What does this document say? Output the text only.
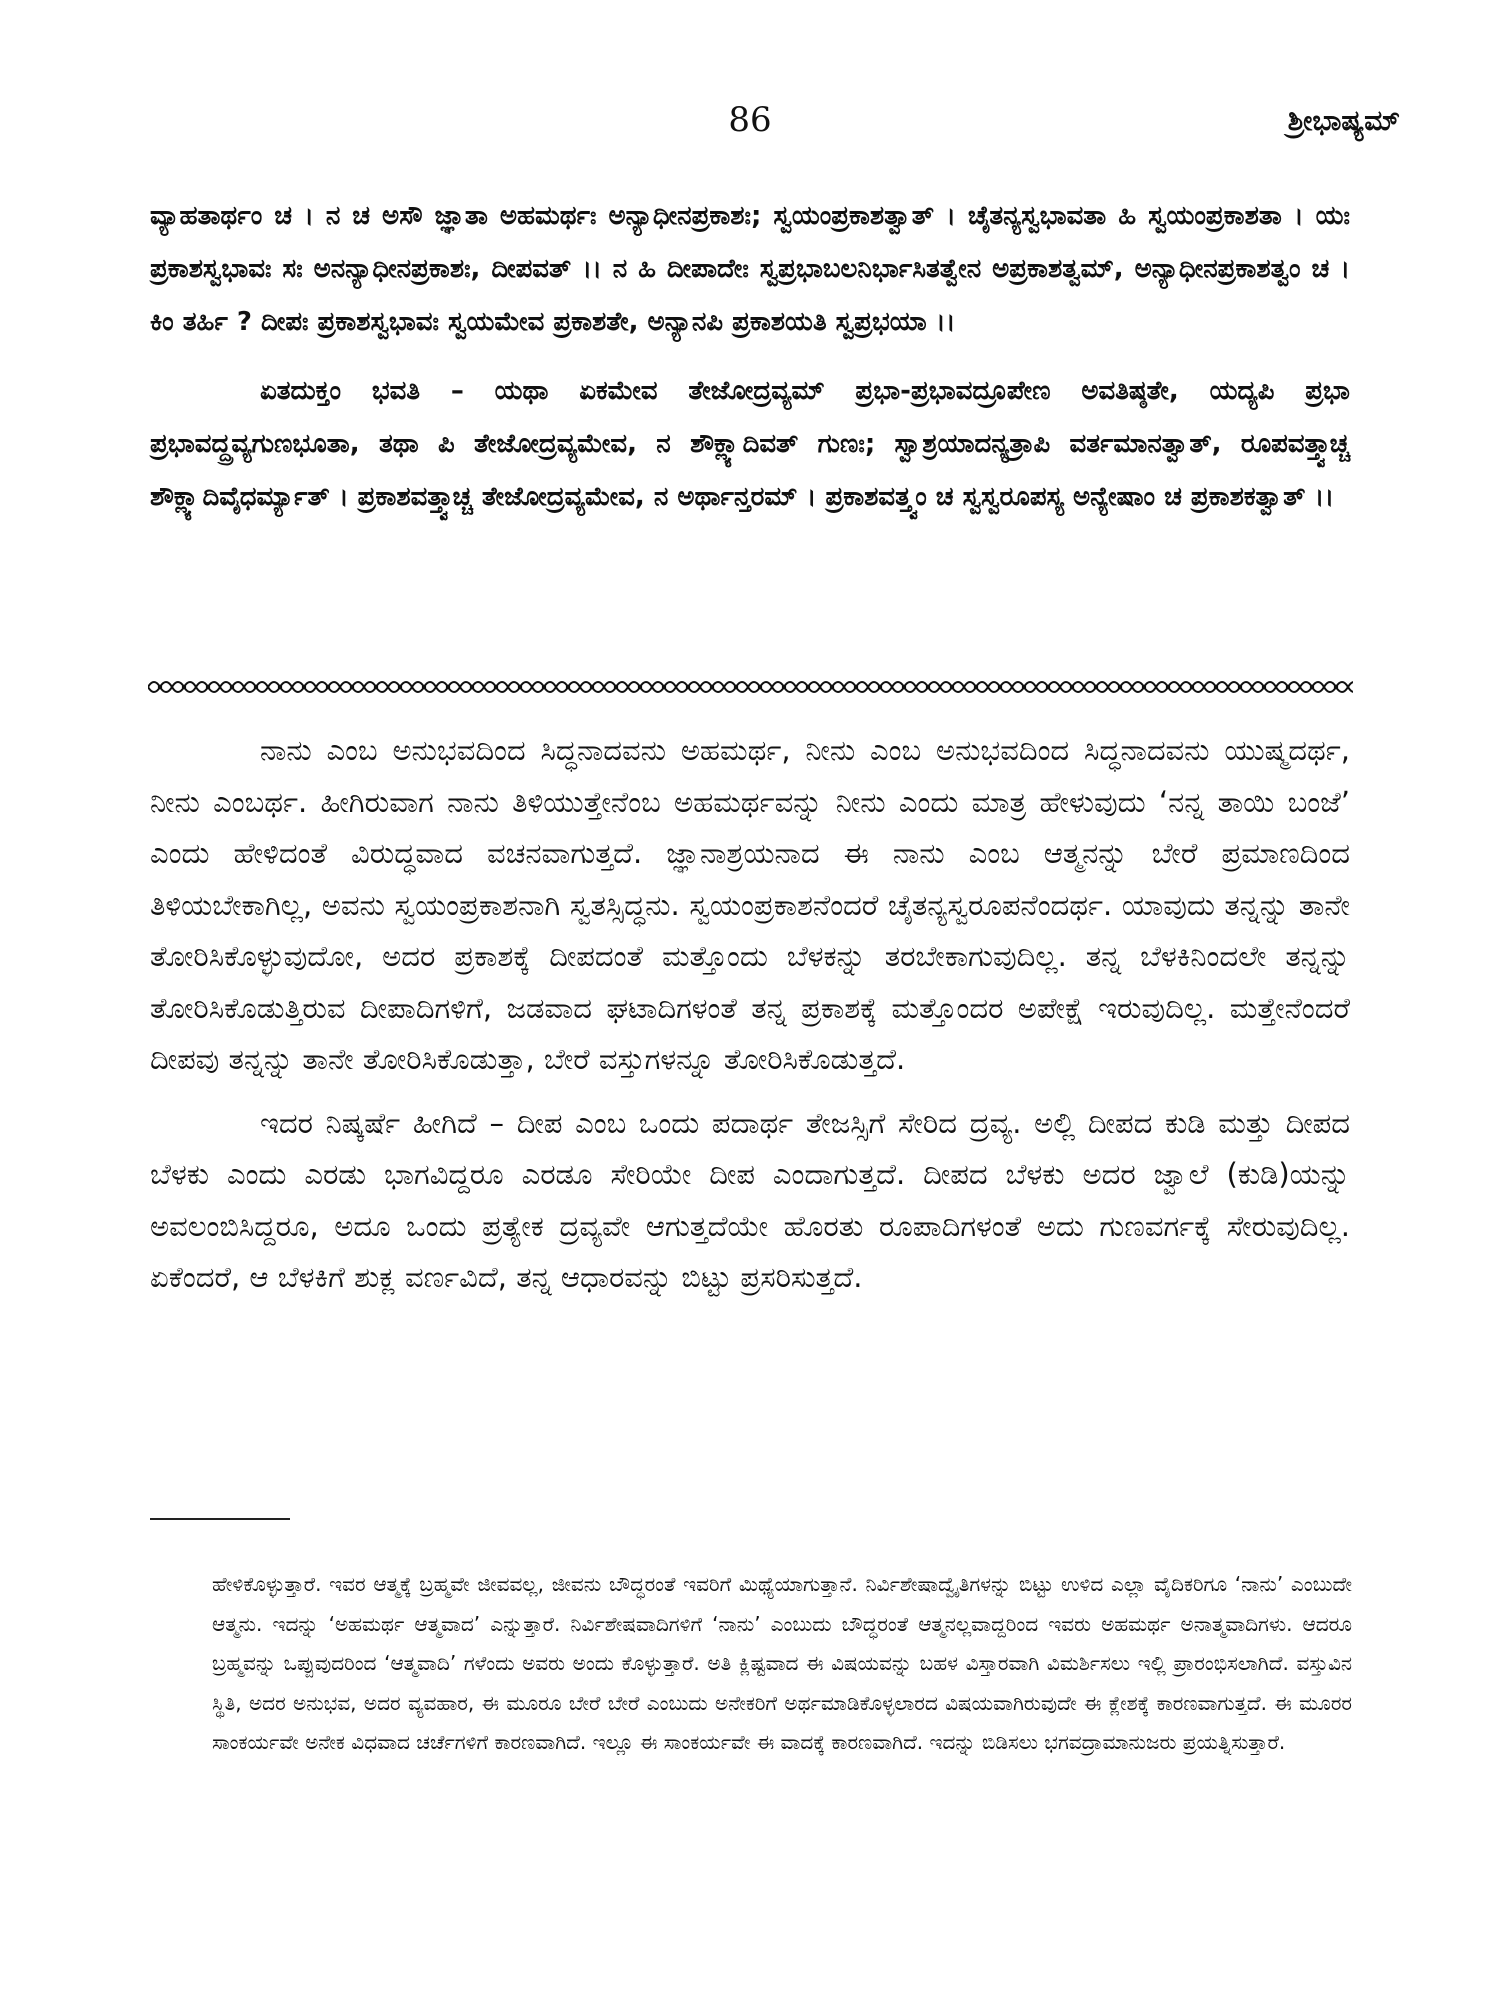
86	ಶ್ರೀಭಾಷ್ಯಮ್

ವ್ಯಾಹತಾರ್ಥಂ ಚ । ನ ಚ ಅಸೌ ಜ್ಞಾತಾ ಅಹಮರ್ಥಃ ಅನ್ಯಾಧೀನಪ್ರಕಾಶಃ; ಸ್ವಯಂಪ್ರಕಾಶತ್ವಾತ್ । ಚೈತನ್ಯಸ್ವಭಾವತಾ ಹಿ ಸ್ವಯಂಪ್ರಕಾಶತಾ । ಯಃ ಪ್ರಕಾಶಸ್ವಭಾವಃ ಸಃ ಅನನ್ಯಾಧೀನಪ್ರಕಾಶಃ, ದೀಪವತ್ ।। ನ ಹಿ ದೀಪಾದೇಃ ಸ್ವಪ್ರಭಾಬಲನಿರ್ಭಾಸಿತತ್ವೇನ ಅಪ್ರಕಾಶತ್ವಮ್, ಅನ್ಯಾಧೀನಪ್ರಕಾಶತ್ವಂ ಚ । ಕಿಂ ತರ್ಹಿ ? ದೀಪಃ ಪ್ರಕಾಶಸ್ವಭಾವಃ ಸ್ವಯಮೇವ ಪ್ರಕಾಶತೇ, ಅನ್ಯಾನಪಿ ಪ್ರಕಾಶಯತಿ ಸ್ವಪ್ರಭಯಾ ।।

ಏತದುಕ್ತಂ ಭವತಿ – ಯಥಾ ಏಕಮೇವ ತೇಜೋದ್ರವ್ಯಮ್ ಪ್ರಭಾ-ಪ್ರಭಾವದ್ರೂಪೇಣ ಅವತಿಷ್ಠತೇ, ಯದ್ಯಪಿ ಪ್ರಭಾ ಪ್ರಭಾವದ್ದ್ರವ್ಯಗುಣಭೂತಾ, ತಥಾ ಪಿ ತೇಜೋದ್ರವ್ಯಮೇವ, ನ ಶೌಕ್ಲ್ಯಾದಿವತ್ ಗುಣಃ; ಸ್ವಾಶ್ರಯಾದನ್ಯತ್ರಾಪಿ ವರ್ತಮಾನತ್ವಾತ್, ರೂಪವತ್ತ್ವಾಚ್ಚ ಶೌಕ್ಲ್ಯಾದಿವೈಧರ್ಮ್ಯಾತ್ । ಪ್ರಕಾಶವತ್ತ್ವಾಚ್ಚ ತೇಜೋದ್ರವ್ಯಮೇವ, ನ ಅರ್ಥಾನ್ತರಮ್ । ಪ್ರಕಾಶವತ್ತ್ವಂ ಚ ಸ್ವಸ್ವರೂಪಸ್ಯ ಅನ್ಯೇಷಾಂ ಚ ಪ್ರಕಾಶಕತ್ವಾತ್ ।।

ನಾನು ಎಂಬ ಅನುಭವದಿಂದ ಸಿದ್ಧನಾದವನು ಅಹಮರ್ಥ, ನೀನು ಎಂಬ ಅನುಭವದಿಂದ ಸಿದ್ಧನಾದವನು ಯುಷ್ಮದರ್ಥ, ನೀನು ಎಂಬರ್ಥ. ಹೀಗಿರುವಾಗ ನಾನು ತಿಳಿಯುತ್ತೇನೆಂಬ ಅಹಮರ್ಥವನ್ನು ನೀನು ಎಂದು ಮಾತ್ರ ಹೇಳುವುದು ‘ನನ್ನ ತಾಯಿ ಬಂಜೆ’ ಎಂದು ಹೇಳಿದಂತೆ ವಿರುದ್ಧವಾದ ವಚನವಾಗುತ್ತದೆ. ಜ್ಞಾನಾಶ್ರಯನಾದ ಈ ನಾನು ಎಂಬ ಆತ್ಮನನ್ನು ಬೇರೆ ಪ್ರಮಾಣದಿಂದ ತಿಳಿಯಬೇಕಾಗಿಲ್ಲ, ಅವನು ಸ್ವಯಂಪ್ರಕಾಶನಾಗಿ ಸ್ವತಸ್ಸಿದ್ಧನು. ಸ್ವಯಂಪ್ರಕಾಶನೆಂದರೆ ಚೈತನ್ಯಸ್ವರೂಪನೆಂದರ್ಥ. ಯಾವುದು ತನ್ನನ್ನು ತಾನೇ ತೋರಿಸಿಕೊಳ್ಳುವುದೋ, ಅದರ ಪ್ರಕಾಶಕ್ಕೆ ದೀಪದಂತೆ ಮತ್ತೊಂದು ಬೆಳಕನ್ನು ತರಬೇಕಾಗುವುದಿಲ್ಲ. ತನ್ನ ಬೆಳಕಿನಿಂದಲೇ ತನ್ನನ್ನು ತೋರಿಸಿಕೊಡುತ್ತಿರುವ ದೀಪಾದಿಗಳಿಗೆ, ಜಡವಾದ ಘಟಾದಿಗಳಂತೆ ತನ್ನ ಪ್ರಕಾಶಕ್ಕೆ ಮತ್ತೊಂದರ ಅಪೇಕ್ಷೆ ಇರುವುದಿಲ್ಲ. ಮತ್ತೇನೆಂದರೆ ದೀಪವು ತನ್ನನ್ನು ತಾನೇ ತೋರಿಸಿಕೊಡುತ್ತಾ, ಬೇರೆ ವಸ್ತುಗಳನ್ನೂ ತೋರಿಸಿಕೊಡುತ್ತದೆ.

ಇದರ ನಿಷ್ಕರ್ಷೆ ಹೀಗಿದೆ – ದೀಪ ಎಂಬ ಒಂದು ಪದಾರ್ಥ ತೇಜಸ್ಸಿಗೆ ಸೇರಿದ ದ್ರವ್ಯ. ಅಲ್ಲಿ ದೀಪದ ಕುಡಿ ಮತ್ತು ದೀಪದ ಬೆಳಕು ಎಂದು ಎರಡು ಭಾಗವಿದ್ದರೂ ಎರಡೂ ಸೇರಿಯೇ ದೀಪ ಎಂದಾಗುತ್ತದೆ. ದೀಪದ ಬೆಳಕು ಅದರ ಜ್ವಾಲೆ (ಕುಡಿ)ಯನ್ನು ಅವಲಂಬಿಸಿದ್ದರೂ, ಅದೂ ಒಂದು ಪ್ರತ್ಯೇಕ ದ್ರವ್ಯವೇ ಆಗುತ್ತದೆಯೇ ಹೊರತು ರೂಪಾದಿಗಳಂತೆ ಅದು ಗುಣವರ್ಗಕ್ಕೆ ಸೇರುವುದಿಲ್ಲ. ಏಕೆಂದರೆ, ಆ ಬೆಳಕಿಗೆ ಶುಕ್ಲ ವರ್ಣವಿದೆ, ತನ್ನ ಆಧಾರವನ್ನು ಬಿಟ್ಟು ಪ್ರಸರಿಸುತ್ತದೆ.

ಹೇಳಿಕೊಳ್ಳುತ್ತಾರೆ. ಇವರ ಆತ್ಮಕ್ಕೆ ಬ್ರಹ್ಮವೇ ಜೀವವಲ್ಲ, ಜೀವನು ಬೌದ್ಧರಂತೆ ಇವರಿಗೆ ಮಿಥ್ಯೆಯಾಗುತ್ತಾನೆ. ನಿರ್ವಿಶೇಷಾದ್ವೈತಿಗಳನ್ನು ಬಿಟ್ಟು ಉಳಿದ ಎಲ್ಲಾ ವೈದಿಕರಿಗೂ ‘ನಾನು’ ಎಂಬುದೇ ಆತ್ಮನು. ಇದನ್ನು ‘ಅಹಮರ್ಥ ಆತ್ಮವಾದ’ ಎನ್ನುತ್ತಾರೆ. ನಿರ್ವಿಶೇಷವಾದಿಗಳಿಗೆ ‘ನಾನು’ ಎಂಬುದು ಬೌದ್ಧರಂತೆ ಆತ್ಮನಲ್ಲವಾದ್ದರಿಂದ ಇವರು ಅಹಮರ್ಥ ಅನಾತ್ಮವಾದಿಗಳು. ಆದರೂ ಬ್ರಹ್ಮವನ್ನು ಒಪ್ಪುವುದರಿಂದ ‘ಆತ್ಮವಾದಿ’ ಗಳೆಂದು ಅವರು ಅಂದು ಕೊಳ್ಳುತ್ತಾರೆ. ಅತಿ ಕ್ಲಿಷ್ಟವಾದ ಈ ವಿಷಯವನ್ನು ಬಹಳ ವಿಸ್ತಾರವಾಗಿ ವಿಮರ್ಶಿಸಲು ಇಲ್ಲಿ ಪ್ರಾರಂಭಿಸಲಾಗಿದೆ. ವಸ್ತುವಿನ ಸ್ಥಿತಿ, ಅದರ ಅನುಭವ, ಅದರ ವ್ಯವಹಾರ, ಈ ಮೂರೂ ಬೇರೆ ಬೇರೆ ಎಂಬುದು ಅನೇಕರಿಗೆ ಅರ್ಥಮಾಡಿಕೊಳ್ಳಲಾರದ ವಿಷಯವಾಗಿರುವುದೇ ಈ ಕ್ಲೇಶಕ್ಕೆ ಕಾರಣವಾಗುತ್ತದೆ. ಈ ಮೂರರ ಸಾಂಕರ್ಯವೇ ಅನೇಕ ವಿಧವಾದ ಚರ್ಚೆಗಳಿಗೆ ಕಾರಣವಾಗಿದೆ. ಇಲ್ಲೂ ಈ ಸಾಂಕರ್ಯವೇ ಈ ವಾದಕ್ಕೆ ಕಾರಣವಾಗಿದೆ. ಇದನ್ನು ಬಿಡಿಸಲು ಭಗವದ್ರಾಮಾನುಜರು ಪ್ರಯತ್ನಿಸುತ್ತಾರೆ.
